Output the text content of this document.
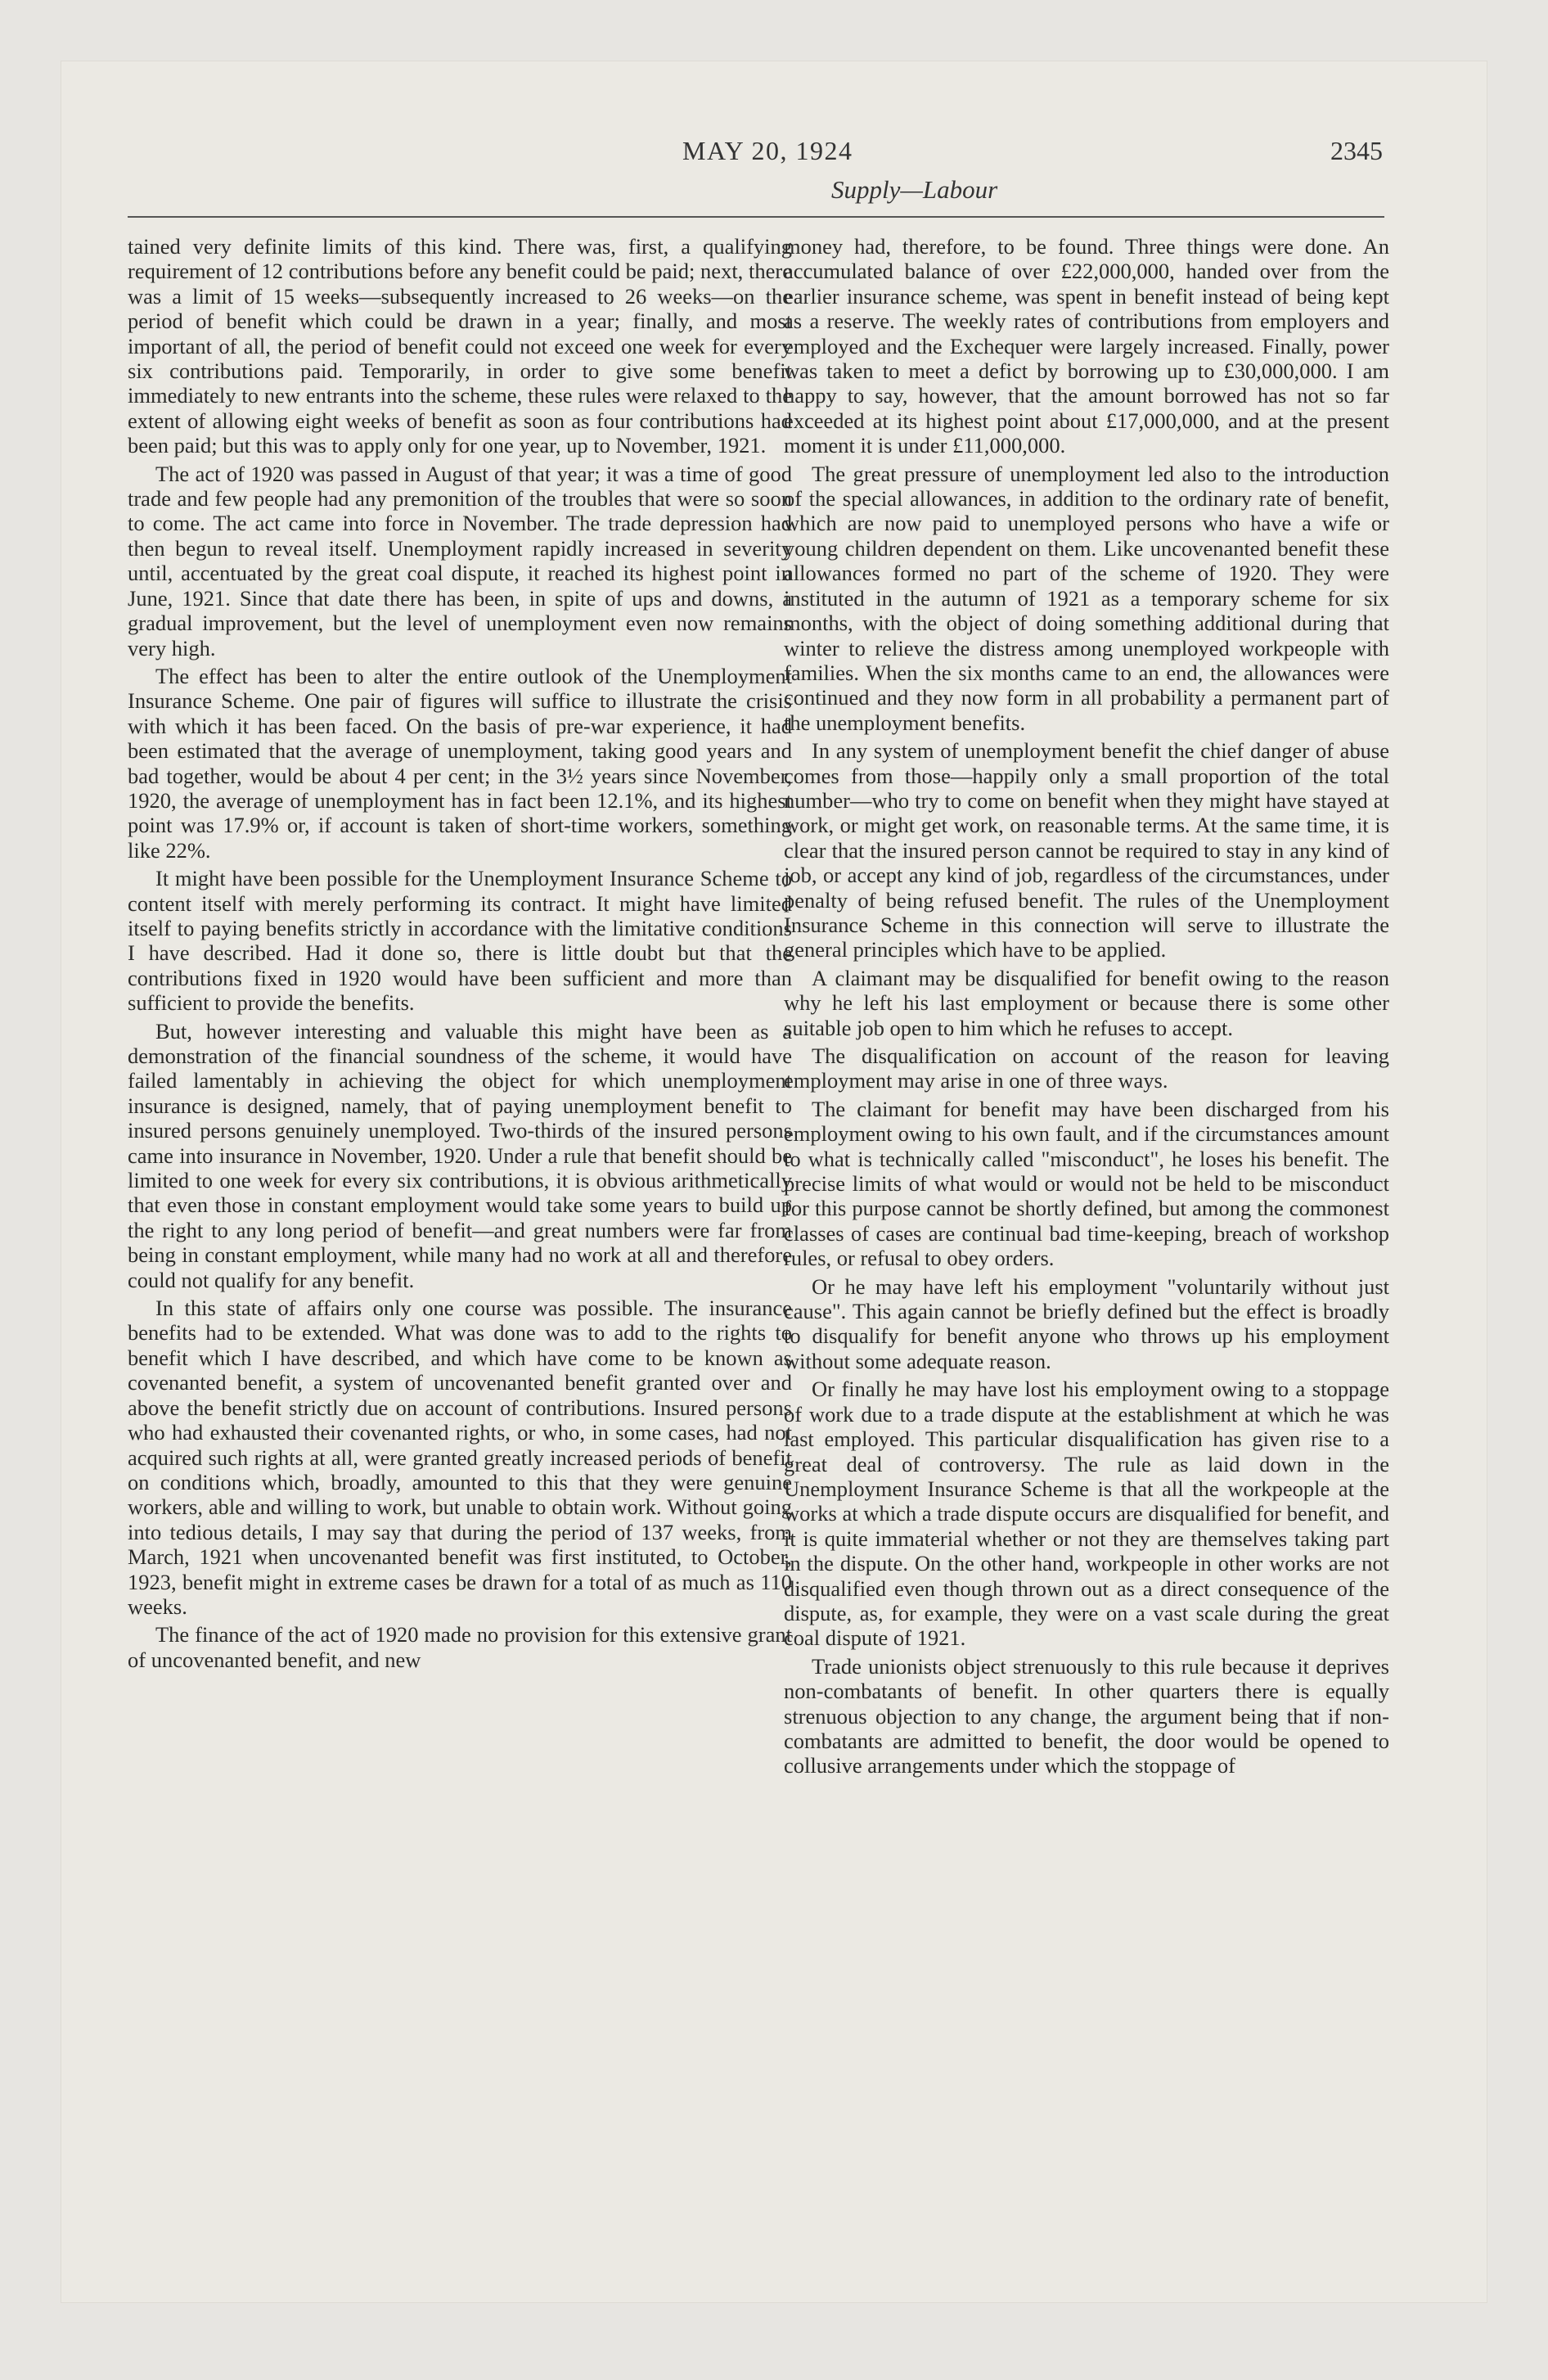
MAY 20, 1924	2345
Supply—Labour

tained very definite limits of this kind. There was, first, a qualifying requirement of 12 contributions before any benefit could be paid; next, there was a limit of 15 weeks—subsequently increased to 26 weeks—on the period of benefit which could be drawn in a year; finally, and most important of all, the period of benefit could not exceed one week for every six contributions paid. Temporarily, in order to give some benefit immediately to new entrants into the scheme, these rules were relaxed to the extent of allowing eight weeks of benefit as soon as four contributions had been paid; but this was to apply only for one year, up to November, 1921.

The act of 1920 was passed in August of that year; it was a time of good trade and few people had any premonition of the troubles that were so soon to come. The act came into force in November. The trade depression had then begun to reveal itself. Unemployment rapidly increased in severity until, accentuated by the great coal dispute, it reached its highest point in June, 1921. Since that date there has been, in spite of ups and downs, a gradual improvement, but the level of unemployment even now remains very high.

The effect has been to alter the entire outlook of the Unemployment Insurance Scheme. One pair of figures will suffice to illustrate the crisis with which it has been faced. On the basis of pre-war experience, it had been estimated that the average of unemployment, taking good years and bad together, would be about 4 per cent; in the 3½ years since November, 1920, the average of unemployment has in fact been 12.1%, and its highest point was 17.9% or, if account is taken of short-time workers, something like 22%.

It might have been possible for the Unemployment Insurance Scheme to content itself with merely performing its contract. It might have limited itself to paying benefits strictly in accordance with the limitative conditions I have described. Had it done so, there is little doubt but that the contributions fixed in 1920 would have been sufficient and more than sufficient to provide the benefits.

But, however interesting and valuable this might have been as a demonstration of the financial soundness of the scheme, it would have failed lamentably in achieving the object for which unemployment insurance is designed, namely, that of paying unemployment benefit to insured persons genuinely unemployed. Two-thirds of the insured persons came into insurance in November, 1920. Under a rule that benefit should be limited to one week for every six contributions, it is obvious arithmetically that even those in constant employment would take some years to build up the right to any long period of benefit—and great numbers were far from being in constant employment, while many had no work at all and therefore could not qualify for any benefit.

In this state of affairs only one course was possible. The insurance benefits had to be extended. What was done was to add to the rights to benefit which I have described, and which have come to be known as covenanted benefit, a system of uncovenanted benefit granted over and above the benefit strictly due on account of contributions. Insured persons who had exhausted their covenanted rights, or who, in some cases, had not acquired such rights at all, were granted greatly increased periods of benefit on conditions which, broadly, amounted to this that they were genuine workers, able and willing to work, but unable to obtain work. Without going into tedious details, I may say that during the period of 137 weeks, from March, 1921 when uncovenanted benefit was first instituted, to October, 1923, benefit might in extreme cases be drawn for a total of as much as 110 weeks.

The finance of the act of 1920 made no provision for this extensive grant of uncovenanted benefit, and new

money had, therefore, to be found. Three things were done. An accumulated balance of over £22,000,000, handed over from the earlier insurance scheme, was spent in benefit instead of being kept as a reserve. The weekly rates of contributions from employers and employed and the Exchequer were largely increased. Finally, power was taken to meet a defict by borrowing up to £30,000,000. I am happy to say, however, that the amount borrowed has not so far exceeded at its highest point about £17,000,000, and at the present moment it is under £11,000,000.

The great pressure of unemployment led also to the introduction of the special allowances, in addition to the ordinary rate of benefit, which are now paid to unemployed persons who have a wife or young children dependent on them. Like uncovenanted benefit these allowances formed no part of the scheme of 1920. They were instituted in the autumn of 1921 as a temporary scheme for six months, with the object of doing something additional during that winter to relieve the distress among unemployed workpeople with families. When the six months came to an end, the allowances were continued and they now form in all probability a permanent part of the unemployment benefits.

In any system of unemployment benefit the chief danger of abuse comes from those—happily only a small proportion of the total number—who try to come on benefit when they might have stayed at work, or might get work, on reasonable terms. At the same time, it is clear that the insured person cannot be required to stay in any kind of job, or accept any kind of job, regardless of the circumstances, under penalty of being refused benefit. The rules of the Unemployment Insurance Scheme in this connection will serve to illustrate the general principles which have to be applied.

A claimant may be disqualified for benefit owing to the reason why he left his last employment or because there is some other suitable job open to him which he refuses to accept.

The disqualification on account of the reason for leaving employment may arise in one of three ways.

The claimant for benefit may have been discharged from his employment owing to his own fault, and if the circumstances amount to what is technically called "misconduct", he loses his benefit. The precise limits of what would or would not be held to be misconduct for this purpose cannot be shortly defined, but among the commonest classes of cases are continual bad time-keeping, breach of workshop rules, or refusal to obey orders.

Or he may have left his employment "voluntarily without just cause". This again cannot be briefly defined but the effect is broadly to disqualify for benefit anyone who throws up his employment without some adequate reason.

Or finally he may have lost his employment owing to a stoppage of work due to a trade dispute at the establishment at which he was last employed. This particular disqualification has given rise to a great deal of controversy. The rule as laid down in the Unemployment Insurance Scheme is that all the workpeople at the works at which a trade dispute occurs are disqualified for benefit, and it is quite immaterial whether or not they are themselves taking part in the dispute. On the other hand, workpeople in other works are not disqualified even though thrown out as a direct consequence of the dispute, as, for example, they were on a vast scale during the great coal dispute of 1921.

Trade unionists object strenuously to this rule because it deprives non-combatants of benefit. In other quarters there is equally strenuous objection to any change, the argument being that if non-combatants are admitted to benefit, the door would be opened to collusive arrangements under which the stoppage of
